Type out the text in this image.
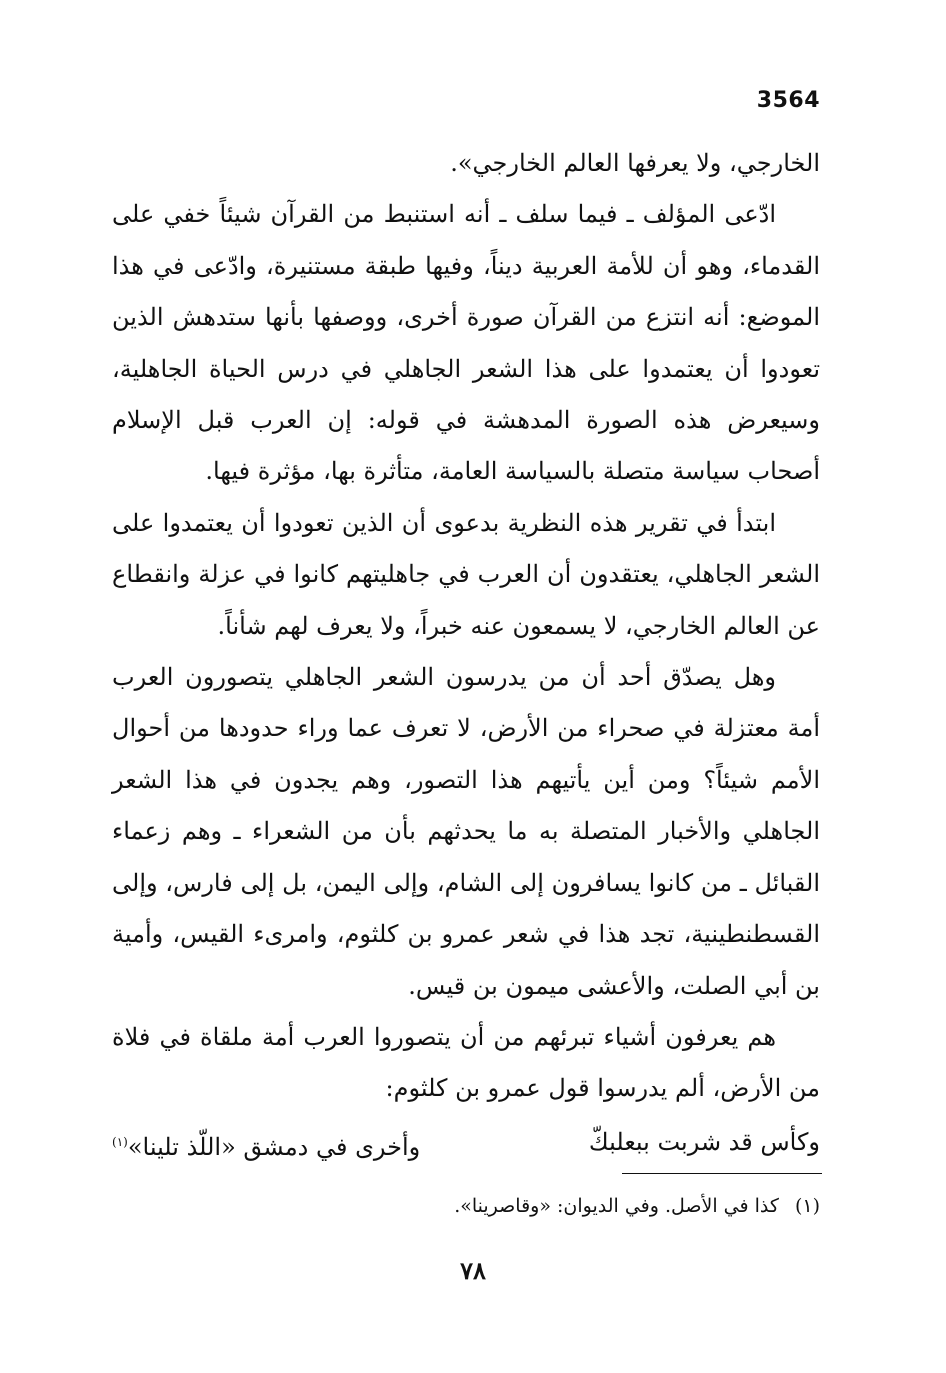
3564

الخارجي، ولا يعرفها العالم الخارجي».

ادّعى المؤلف ـ فيما سلف ـ أنه استنبط من القرآن شيئاً خفي على القدماء، وهو أن للأمة العربية ديناً، وفيها طبقة مستنيرة، وادّعى في هذا الموضع: أنه انتزع من القرآن صورة أخرى، ووصفها بأنها ستدهش الذين تعودوا أن يعتمدوا على هذا الشعر الجاهلي في درس الحياة الجاهلية، وسيعرض هذه الصورة المدهشة في قوله: إن العرب قبل الإسلام أصحاب سياسة متصلة بالسياسة العامة، متأثرة بها، مؤثرة فيها.

ابتدأ في تقرير هذه النظرية بدعوى أن الذين تعودوا أن يعتمدوا على الشعر الجاهلي، يعتقدون أن العرب في جاهليتهم كانوا في عزلة وانقطاع عن العالم الخارجي، لا يسمعون عنه خبراً، ولا يعرف لهم شأناً.

وهل يصدّق أحد أن من يدرسون الشعر الجاهلي يتصورون العرب أمة معتزلة في صحراء من الأرض، لا تعرف عما وراء حدودها من أحوال الأمم شيئاً؟ ومن أين يأتيهم هذا التصور، وهم يجدون في هذا الشعر الجاهلي والأخبار المتصلة به ما يحدثهم بأن من الشعراء ـ وهم زعماء القبائل ـ من كانوا يسافرون إلى الشام، وإلى اليمن، بل إلى فارس، وإلى القسطنطينية، تجد هذا في شعر عمرو بن كلثوم، وامرىء القيس، وأمية بن أبي الصلت، والأعشى ميمون بن قيس.

هم يعرفون أشياء تبرئهم من أن يتصوروا العرب أمة ملقاة في فلاة من الأرض، ألم يدرسوا قول عمرو بن كلثوم:

وكأس قد شربت ببعلبكّ
وأخرى في دمشق «اللّذ تلينا»$^{(١)}$
(١)كذا في الأصل. وفي الديوان: «وقاصرينا».
٧٨
